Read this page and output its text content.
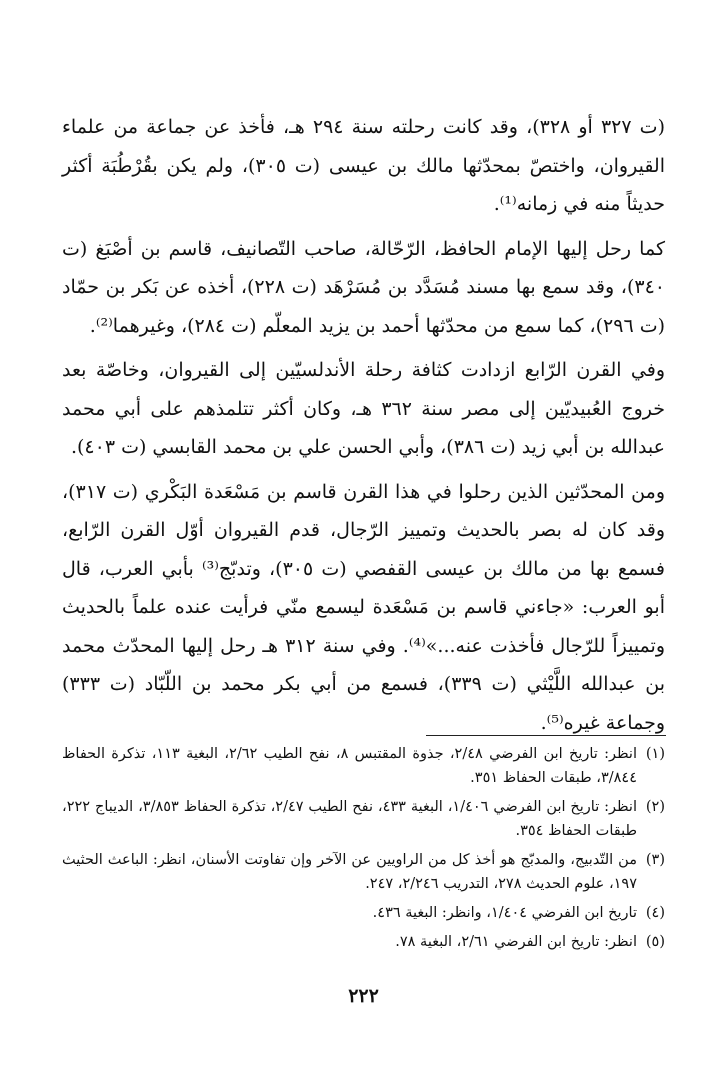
(ت ٣٢٧ أو ٣٢٨)، وقد كانت رحلته سنة ٢٩٤ هـ، فأخذ عن جماعة من علماء القيروان، واختصّ بمحدّثها مالك بن عيسى (ت ٣٠٥)، ولم يكن بقُرْطُبَة أكثر حديثاً منه في زمانه⁽¹⁾.

كما رحل إليها الإمام الحافظ، الرّحّالة، صاحب التّصانيف، قاسم بن أصْبَغ (ت ٣٤٠)، وقد سمع بها مسند مُسَدَّد بن مُسَرْهَد (ت ٢٢٨)، أخذه عن بَكر بن حمّاد (ت ٢٩٦)، كما سمع من محدّثها أحمد بن يزيد المعلّم (ت ٢٨٤)، وغيرهما⁽²⁾.

وفي القرن الرّابع ازدادت كثافة رحلة الأندلسيّين إلى القيروان، وخاصّة بعد خروج العُبيديّين إلى مصر سنة ٣٦٢ هـ، وكان أكثر تتلمذهم على أبي محمد عبدالله بن أبي زيد (ت ٣٨٦)، وأبي الحسن علي بن محمد القابسي (ت ٤٠٣).

ومن المحدّثين الذين رحلوا في هذا القرن قاسم بن مَسْعَدة البَكْري (ت ٣١٧)، وقد كان له بصر بالحديث وتمييز الرّجال، قدم القيروان أوّل القرن الرّابع، فسمع بها من مالك بن عيسى القفصي (ت ٣٠٥)، وتدبّج⁽³⁾ بأبي العرب، قال أبو العرب: «جاءني قاسم بن مَسْعَدة ليسمع منّي فرأيت عنده علماً بالحديث وتمييزاً للرّجال فأخذت عنه...»⁽⁴⁾. وفي سنة ٣١٢ هـ رحل إليها المحدّث محمد بن عبدالله اللَّيْثي (ت ٣٣٩)، فسمع من أبي بكر محمد بن اللّبّاد (ت ٣٣٣) وجماعة غيره⁽⁵⁾.

(١)
انظر: تاريخ ابن الفرضي ٢/٤٨، جذوة المقتبس ٨، نفح الطيب ٢/٦٢، البغية ١١٣، تذكرة الحفاظ ٣/٨٤٤، طبقات الحفاظ ٣٥١.
(٢)
انظر: تاريخ ابن الفرضي ١/٤٠٦، البغية ٤٣٣، نفح الطيب ٢/٤٧، تذكرة الحفاظ ٣/٨٥٣، الديباج ٢٢٢، طبقات الحفاظ ٣٥٤.
(٣)
من التّدبيج، والمدبّج هو أخذ كل من الراويين عن الآخر وإن تفاوتت الأسنان، انظر: الباعث الحثيث ١٩٧، علوم الحديث ٢٧٨، التدريب ٢/٢٤٦، ٢٤٧.
(٤)
تاريخ ابن الفرضي ١/٤٠٤، وانظر: البغية ٤٣٦.
(٥)
انظر: تاريخ ابن الفرضي ٢/٦١، البغية ٧٨.
٢٢٢
